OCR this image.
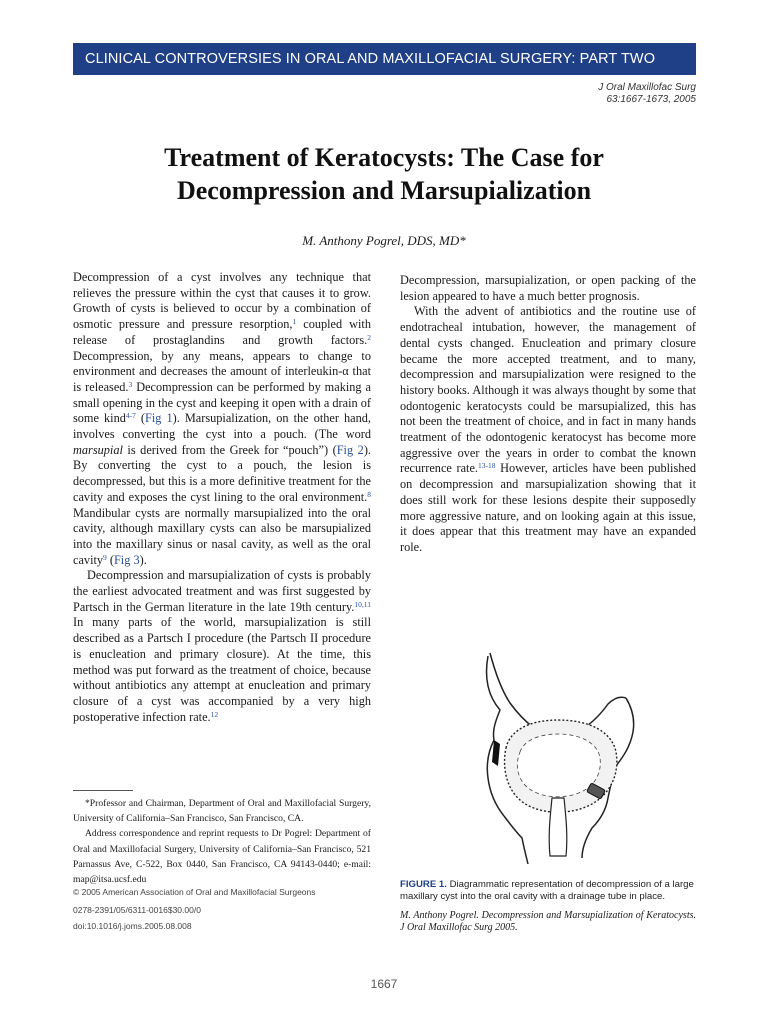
CLINICAL CONTROVERSIES IN ORAL AND MAXILLOFACIAL SURGERY: PART TWO
J Oral Maxillofac Surg
63:1667-1673, 2005
Treatment of Keratocysts: The Case for
Decompression and Marsupialization
M. Anthony Pogrel, DDS, MD*

Decompression of a cyst involves any technique that relieves the pressure within the cyst that causes it to grow. Growth of cysts is believed to occur by a combination of osmotic pressure and pressure resorption,$^1$ coupled with release of prostaglandins and growth factors.$^2$ Decompression, by any means, appears to change to environment and decreases the amount of interleukin-α that is released.$^3$ Decompression can be performed by making a small opening in the cyst and keeping it open with a drain of some kind$^{4-7}$ (Fig 1). Marsupialization, on the other hand, involves converting the cyst into a pouch. (The word marsupial is derived from the Greek for “pouch”) (Fig 2). By converting the cyst to a pouch, the lesion is decompressed, but this is a more definitive treatment for the cavity and exposes the cyst lining to the oral environment.$^8$ Mandibular cysts are normally marsupialized into the oral cavity, although maxillary cysts can also be marsupialized into the maxillary sinus or nasal cavity, as well as the oral cavity$^9$ (Fig 3).

Decompression and marsupialization of cysts is probably the earliest advocated treatment and was first suggested by Partsch in the German literature in the late 19th century.$^{10,11}$ In many parts of the world, marsupialization is still described as a Partsch I procedure (the Partsch II procedure is enucleation and primary closure). At the time, this method was put forward as the treatment of choice, because without antibiotics any attempt at enucleation and primary closure of a cyst was accompanied by a very high postoperative infection rate.$^{12}$

Decompression, marsupialization, or open packing of the lesion appeared to have a much better prognosis.

With the advent of antibiotics and the routine use of endotracheal intubation, however, the management of dental cysts changed. Enucleation and primary closure became the more accepted treatment, and to many, decompression and marsupialization were resigned to the history books. Although it was always thought by some that odontogenic keratocysts could be marsupialized, this has not been the treatment of choice, and in fact in many hands treatment of the odontogenic keratocyst has become more aggressive over the years in order to combat the known recurrence rate.$^{13-18}$ However, articles have been published on decompression and marsupialization showing that it does still work for these lesions despite their supposedly more aggressive nature, and on looking again at this issue, it does appear that this treatment may have an expanded role.

*Professor and Chairman, Department of Oral and Maxillofacial Surgery, University of California–San Francisco, San Francisco, CA.

Address correspondence and reprint requests to Dr Pogrel: Department of Oral and Maxillofacial Surgery, University of California–San Francisco, 521 Parnassus Ave, C-522, Box 0440, San Francisco, CA 94143-0440; e-mail: map@itsa.ucsf.edu

© 2005 American Association of Oral and Maxillofacial Surgeons
0278-2391/05/6311-0016$30.00/0
doi:10.1016/j.joms.2005.08.008
FIGURE 1. Diagrammatic representation of decompression of a large maxillary cyst into the oral cavity with a drainage tube in place.
M. Anthony Pogrel. Decompression and Marsupialization of Keratocysts. J Oral Maxillofac Surg 2005.
1667
